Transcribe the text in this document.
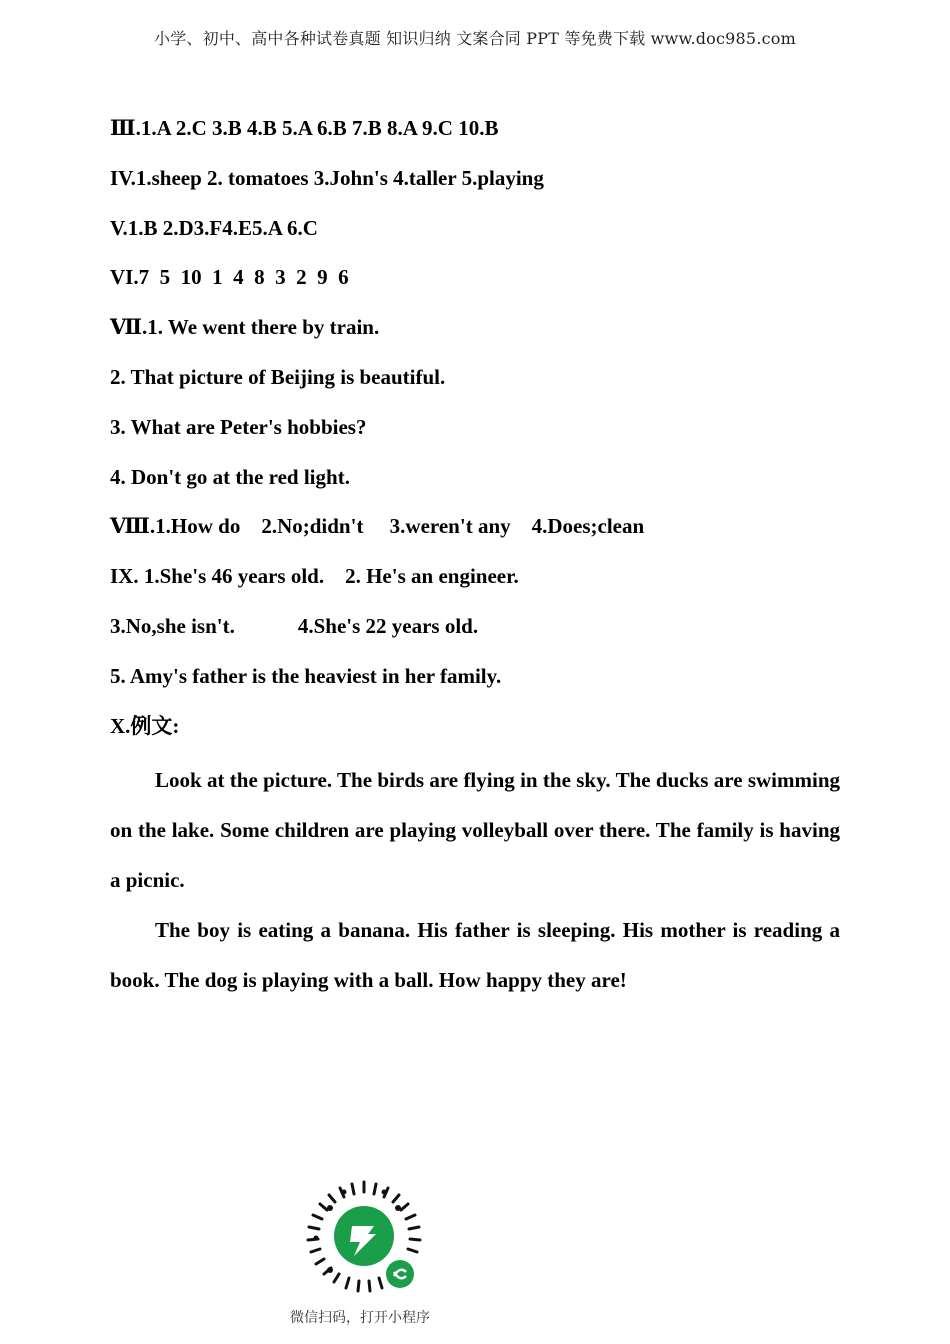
小学、初中、高中各种试卷真题 知识归纳 文案合同 PPT 等免费下载 www.doc985.com
Ⅲ.1.A 2.C 3.B 4.B 5.A 6.B 7.B 8.A 9.C 10.B
IV.1.sheep 2. tomatoes 3.John's 4.taller 5.playing
V.1.B 2.D3.F4.E5.A 6.C
VI.7  5  10  1  4  8  3  2  9  6
Ⅶ.1. We went there by train.
2. That picture of Beijing is beautiful.
3. What are Peter's hobbies?
4. Don't go at the red light.
Ⅷ.1.How do    2.No;didn't     3.weren't any    4.Does;clean
IX. 1.She's 46 years old.    2. He's an engineer.
3.No,she isn't.            4.She's 22 years old.
5. Amy's father is the heaviest in her family.
X.例文:

Look at the picture. The birds are flying in the sky. The ducks are swimming on the lake. Some children are playing volleyball over there. The family is having a picnic.

The boy is eating a banana. His father is sleeping. His mother is reading a book. The dog is playing with a ball. How happy they are!

微信扫码，打开小程序
